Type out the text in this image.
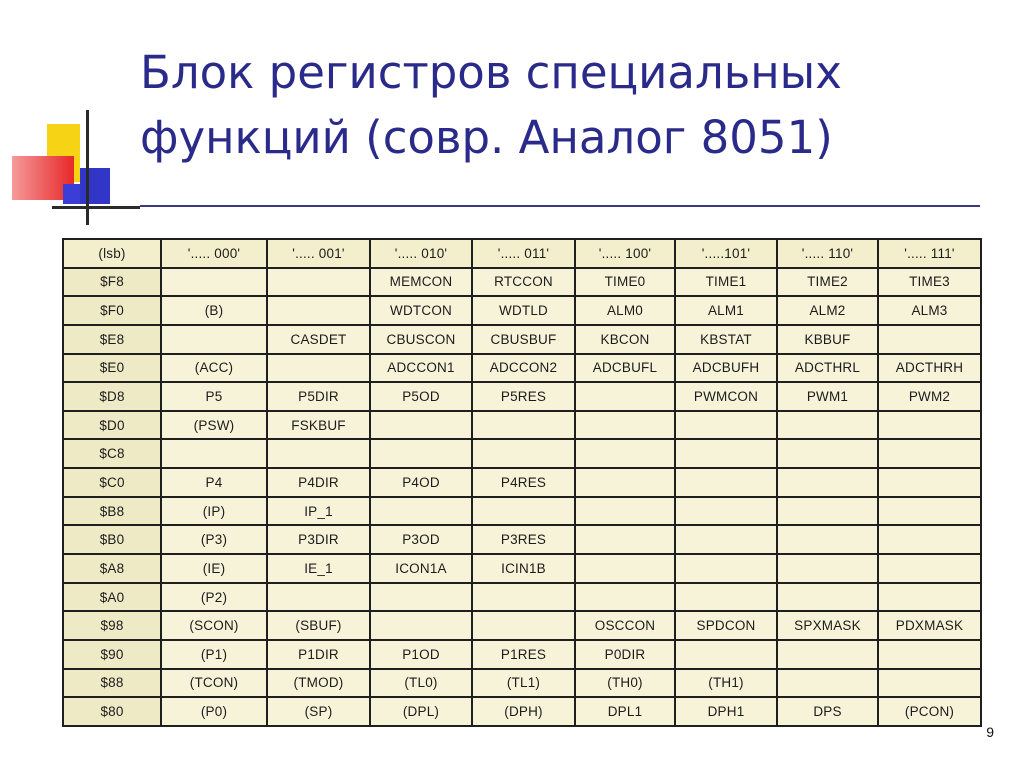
Блок регистров специальных
функций (совр. Аналог 8051)
(lsb)	'..... 000'	'..... 001'	'..... 010'	'..... 011'	'..... 100'	'.....101'	'..... 110'	'..... 111'
$F8			MEMCON	RTCCON	TIME0	TIME1	TIME2	TIME3
$F0	(B)		WDTCON	WDTLD	ALM0	ALM1	ALM2	ALM3
$E8		CASDET	CBUSCON	CBUSBUF	KBCON	KBSTAT	KBBUF	
$E0	(ACC)		ADCCON1	ADCCON2	ADCBUFL	ADCBUFH	ADCTHRL	ADCTHRH
$D8	P5	P5DIR	P5OD	P5RES		PWMCON	PWM1	PWM2
$D0	(PSW)	FSKBUF						
$C8								
$C0	P4	P4DIR	P4OD	P4RES				
$B8	(IP)	IP_1						
$B0	(P3)	P3DIR	P3OD	P3RES				
$A8	(IE)	IE_1	ICON1A	ICIN1B				
$A0	(P2)							
$98	(SCON)	(SBUF)			OSCCON	SPDCON	SPXMASK	PDXMASK
$90	(P1)	P1DIR	P1OD	P1RES	P0DIR			
$88	(TCON)	(TMOD)	(TL0)	(TL1)	(TH0)	(TH1)		
$80	(P0)	(SP)	(DPL)	(DPH)	DPL1	DPH1	DPS	(PCON)
9
